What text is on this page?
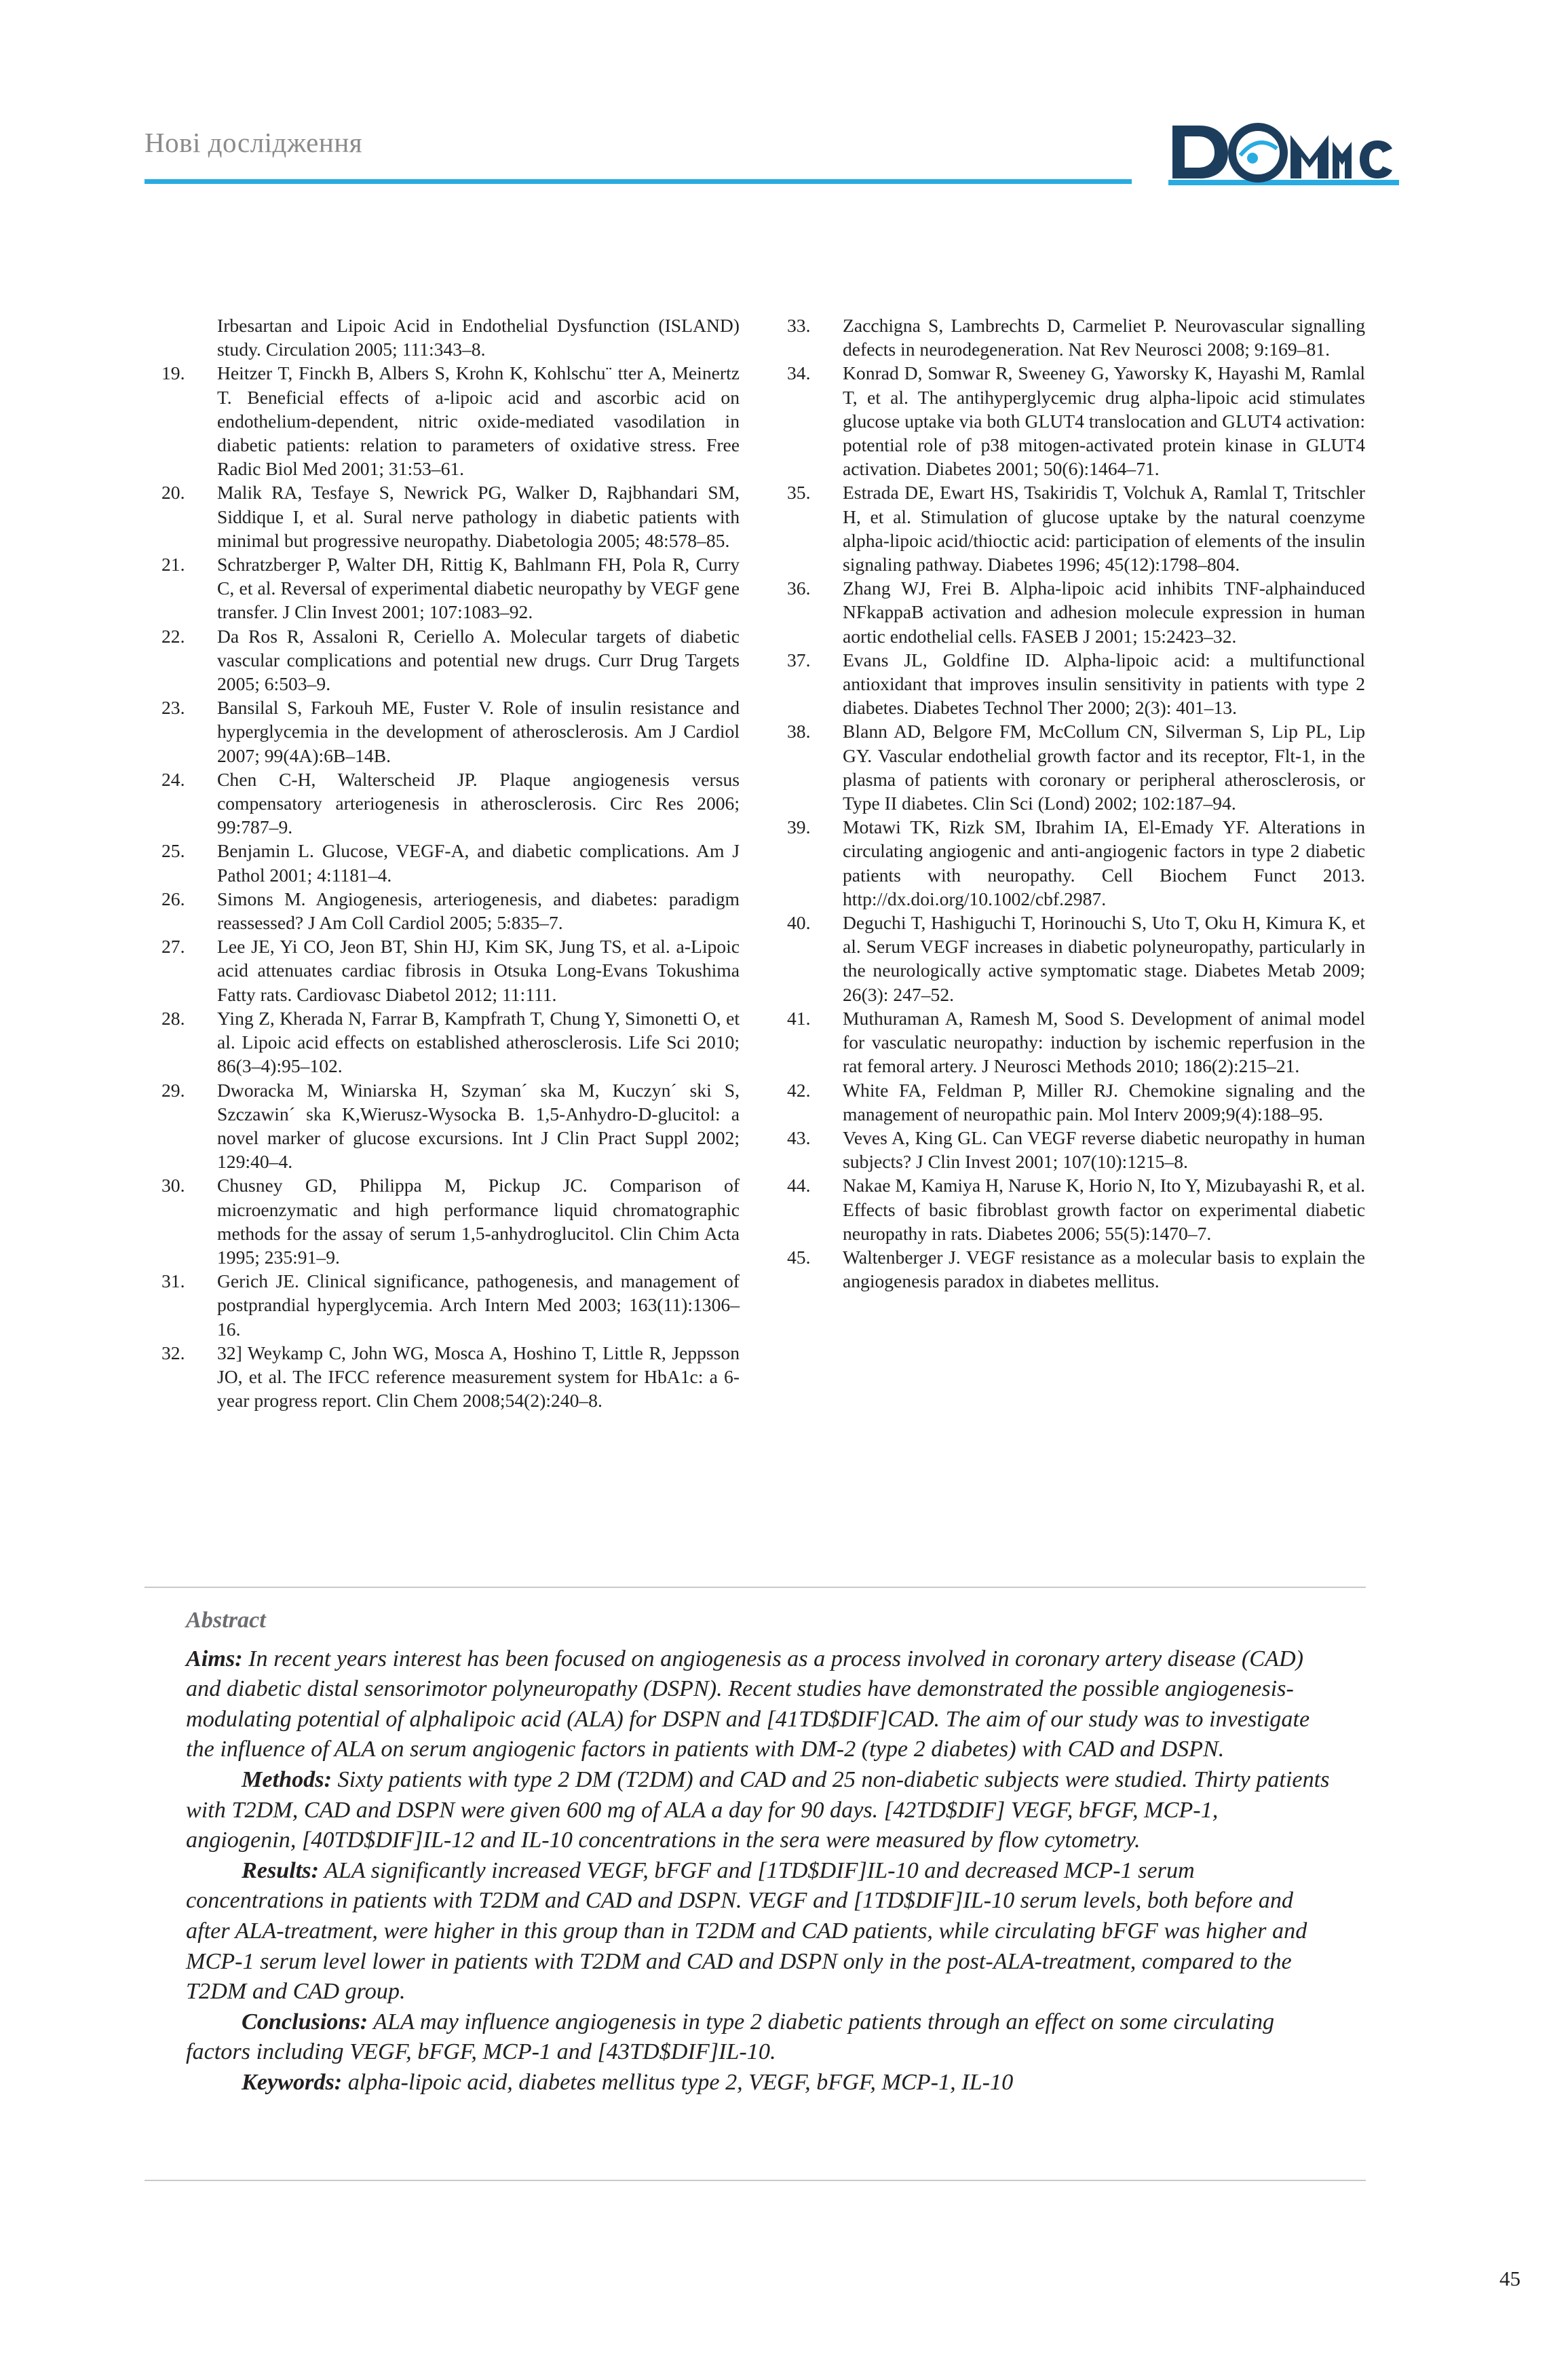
Нові дослідження
Irbesartan and Lipoic Acid in Endothelial Dysfunction (ISLAND) study. Circulation 2005; 111:343–8.
19.	Heitzer T, Finckh B, Albers S, Krohn K, Kohlschu¨ tter A, Meinertz T. Beneficial effects of a-lipoic acid and ascorbic acid on endothelium-dependent, nitric oxide-mediated vasodilation in diabetic patients: relation to parameters of oxidative stress. Free Radic Biol Med 2001; 31:53–61.
20.	Malik RA, Tesfaye S, Newrick PG, Walker D, Rajbhandari SM, Siddique I, et al. Sural nerve pathology in diabetic patients with minimal but progressive neuropathy. Diabetologia 2005; 48:578–85.
21.	Schratzberger P, Walter DH, Rittig K, Bahlmann FH, Pola R, Curry C, et al. Reversal of experimental diabetic neuropathy by VEGF gene transfer. J Clin Invest 2001; 107:1083–92.
22.	Da Ros R, Assaloni R, Ceriello A. Molecular targets of diabetic vascular complications and potential new drugs. Curr Drug Targets 2005; 6:503–9.
23.	Bansilal S, Farkouh ME, Fuster V. Role of insulin resistance and hyperglycemia in the development of atherosclerosis. Am J Cardiol 2007; 99(4A):6B–14B.
24.	Chen C-H, Walterscheid JP. Plaque angiogenesis versus compensatory arteriogenesis in atherosclerosis. Circ Res 2006; 99:787–9.
25.	Benjamin L. Glucose, VEGF-A, and diabetic complications. Am J Pathol 2001; 4:1181–4.
26.	Simons M. Angiogenesis, arteriogenesis, and diabetes: paradigm reassessed? J Am Coll Cardiol 2005; 5:835–7.
27.	Lee JE, Yi CO, Jeon BT, Shin HJ, Kim SK, Jung TS, et al. a-Lipoic acid attenuates cardiac fibrosis in Otsuka Long-Evans Tokushima Fatty rats. Cardiovasc Diabetol 2012; 11:111.
28.	Ying Z, Kherada N, Farrar B, Kampfrath T, Chung Y, Simonetti O, et al. Lipoic acid effects on established atherosclerosis. Life Sci 2010; 86(3–4):95–102.
29.	Dworacka M, Winiarska H, Szyman´ ska M, Kuczyn´ ski S, Szczawin´ ska K,Wierusz-Wysocka B. 1,5-Anhydro-D-glucitol: a novel marker of glucose excursions. Int J Clin Pract Suppl 2002; 129:40–4.
30.	Chusney GD, Philippa M, Pickup JC. Comparison of microenzymatic and high performance liquid chromatographic methods for the assay of serum 1,5-anhydroglucitol. Clin Chim Acta 1995; 235:91–9.
31.	Gerich JE. Clinical significance, pathogenesis, and management of postprandial hyperglycemia. Arch Intern Med 2003; 163(11):1306–16.
32.	32] Weykamp C, John WG, Mosca A, Hoshino T, Little R, Jeppsson JO, et al. The IFCC reference measurement system for HbA1c: a 6-year progress report. Clin Chem 2008;54(2):240–8.
33.	Zacchigna S, Lambrechts D, Carmeliet P. Neurovascular signalling defects in neurodegeneration. Nat Rev Neurosci 2008; 9:169–81.
34.	Konrad D, Somwar R, Sweeney G, Yaworsky K, Hayashi M, Ramlal T, et al. The antihyperglycemic drug alpha-lipoic acid stimulates glucose uptake via both GLUT4 translocation and GLUT4 activation: potential role of p38 mitogen-activated protein kinase in GLUT4 activation. Diabetes 2001; 50(6):1464–71.
35.	Estrada DE, Ewart HS, Tsakiridis T, Volchuk A, Ramlal T, Tritschler H, et al. Stimulation of glucose uptake by the natural coenzyme alpha-lipoic acid/thioctic acid: participation of elements of the insulin signaling pathway. Diabetes 1996; 45(12):1798–804.
36.	Zhang WJ, Frei B. Alpha-lipoic acid inhibits TNF-alphainduced NFkappaB activation and adhesion molecule expression in human aortic endothelial cells. FASEB J 2001; 15:2423–32.
37.	Evans JL, Goldfine ID. Alpha-lipoic acid: a multifunctional antioxidant that improves insulin sensitivity in patients with type 2 diabetes. Diabetes Technol Ther 2000; 2(3): 401–13.
38.	Blann AD, Belgore FM, McCollum CN, Silverman S, Lip PL, Lip GY. Vascular endothelial growth factor and its receptor, Flt-1, in the plasma of patients with coronary or peripheral atherosclerosis, or Type II diabetes. Clin Sci (Lond) 2002; 102:187–94.
39.	Motawi TK, Rizk SM, Ibrahim IA, El-Emady YF. Alterations in circulating angiogenic and anti-angiogenic factors in type 2 diabetic patients with neuropathy. Cell Biochem Funct 2013. http://dx.doi.org/10.1002/cbf.2987.
40.	Deguchi T, Hashiguchi T, Horinouchi S, Uto T, Oku H, Kimura K, et al. Serum VEGF increases in diabetic polyneuropathy, particularly in the neurologically active symptomatic stage. Diabetes Metab 2009; 26(3): 247–52.
41.	Muthuraman A, Ramesh M, Sood S. Development of animal model for vasculatic neuropathy: induction by ischemic reperfusion in the rat femoral artery. J Neurosci Methods 2010; 186(2):215–21.
42.	White FA, Feldman P, Miller RJ. Chemokine signaling and the management of neuropathic pain. Mol Interv 2009;9(4):188–95.
43.	Veves A, King GL. Can VEGF reverse diabetic neuropathy in human subjects? J Clin Invest 2001; 107(10):1215–8.
44.	Nakae M, Kamiya H, Naruse K, Horio N, Ito Y, Mizubayashi R, et al. Effects of basic fibroblast growth factor on experimental diabetic neuropathy in rats. Diabetes 2006; 55(5):1470–7.
45.	Waltenberger J. VEGF resistance as a molecular basis to explain the angiogenesis paradox in diabetes mellitus.
Abstract

Aims: In recent years interest has been focused on angiogenesis as a process involved in coronary artery disease (CAD) and diabetic distal sensorimotor polyneuropathy (DSPN). Recent studies have demonstrated the possible angiogenesis-modulating potential of alphalipoic acid (ALA) for DSPN and [41TD$DIF]CAD. The aim of our study was to investigate the influence of ALA on serum angiogenic factors in patients with DM-2 (type 2 diabetes) with CAD and DSPN.

Methods: Sixty patients with type 2 DM (T2DM) and CAD and 25 non-diabetic subjects were studied. Thirty patients with T2DM, CAD and DSPN were given 600 mg of ALA a day for 90 days. [42TD$DIF] VEGF, bFGF, MCP-1, angiogenin, [40TD$DIF]IL-12 and IL-10 concentrations in the sera were measured by flow cytometry.

Results: ALA significantly increased VEGF, bFGF and [1TD$DIF]IL-10 and decreased MCP-1 serum concentrations in patients with T2DM and CAD and DSPN. VEGF and [1TD$DIF]IL-10 serum levels, both before and after ALA-treatment, were higher in this group than in T2DM and CAD patients, while circulating bFGF was higher and MCP-1 serum level lower in patients with T2DM and CAD and DSPN only in the post-ALA-treatment, compared to the T2DM and CAD group.

Conclusions: ALA may influence angiogenesis in type 2 diabetic patients through an effect on some circulating factors including VEGF, bFGF, MCP-1 and [43TD$DIF]IL-10.

Keywords: alpha-lipoic acid, diabetes mellitus type 2, VEGF, bFGF, MCP-1, IL-10

45
